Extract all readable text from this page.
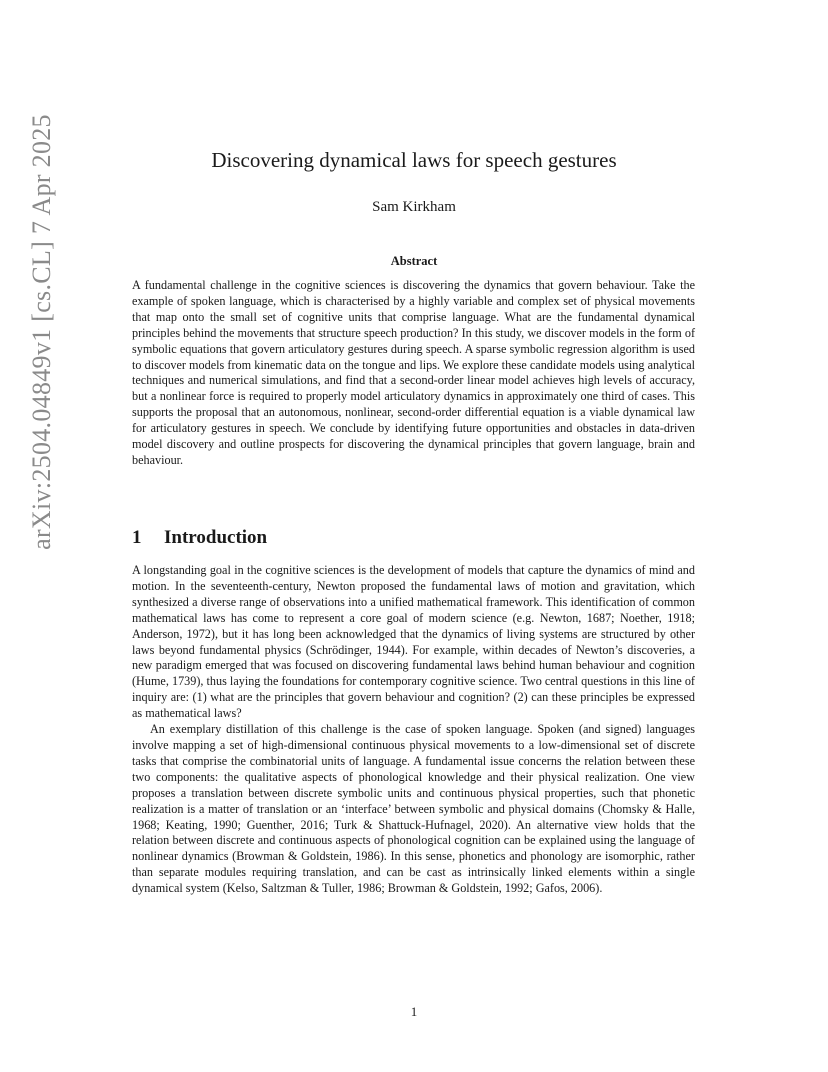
arXiv:2504.04849v1 [cs.CL] 7 Apr 2025	Discovering dynamical laws for speech gestures
Sam Kirkham
Abstract

A fundamental challenge in the cognitive sciences is discovering the dynamics that govern behaviour. Take the example of spoken language, which is characterised by a highly variable and complex set of physical movements that map onto the small set of cognitive units that comprise language. What are the fundamental dynamical principles behind the movements that structure speech production? In this study, we discover models in the form of symbolic equations that govern articulatory gestures during speech. A sparse symbolic regression algorithm is used to discover models from kinematic data on the tongue and lips. We explore these candidate models using analytical techniques and numerical simulations, and find that a second-order linear model achieves high levels of accuracy, but a nonlinear force is required to properly model articulatory dynamics in approximately one third of cases. This supports the proposal that an autonomous, nonlinear, second-order differential equation is a viable dynamical law for articulatory gestures in speech. We conclude by identifying future opportunities and obstacles in data-driven model discovery and outline prospects for discovering the dynamical principles that govern language, brain and behaviour.

1 Introduction

A longstanding goal in the cognitive sciences is the development of models that capture the dynamics of mind and motion. In the seventeenth-century, Newton proposed the fundamental laws of motion and gravitation, which synthesized a diverse range of observations into a unified mathematical framework. This identification of common mathematical laws has come to represent a core goal of modern science (e.g. Newton, 1687; Noether, 1918; Anderson, 1972), but it has long been acknowledged that the dynamics of living systems are structured by other laws beyond fundamental physics (Schrödinger, 1944). For example, within decades of Newton’s discoveries, a new paradigm emerged that was focused on discovering fundamental laws behind human behaviour and cognition (Hume, 1739), thus laying the foundations for contemporary cognitive science. Two central questions in this line of inquiry are: (1) what are the principles that govern behaviour and cognition? (2) can these principles be expressed as mathematical laws?

An exemplary distillation of this challenge is the case of spoken language. Spoken (and signed) languages involve mapping a set of high-dimensional continuous physical movements to a low-dimensional set of discrete tasks that comprise the combinatorial units of language. A fundamental issue concerns the relation between these two components: the qualitative aspects of phonological knowledge and their physical realization. One view proposes a translation between discrete symbolic units and continuous physical properties, such that phonetic realization is a matter of translation or an ‘interface’ between symbolic and physical domains (Chomsky & Halle, 1968; Keating, 1990; Guenther, 2016; Turk & Shattuck-Hufnagel, 2020). An alternative view holds that the relation between discrete and continuous aspects of phonological cognition can be explained using the language of nonlinear dynamics (Browman & Goldstein, 1986). In this sense, phonetics and phonology are isomorphic, rather than separate modules requiring translation, and can be cast as intrinsically linked elements within a single dynamical system (Kelso, Saltzman & Tuller, 1986; Browman & Goldstein, 1992; Gafos, 2006).

1
